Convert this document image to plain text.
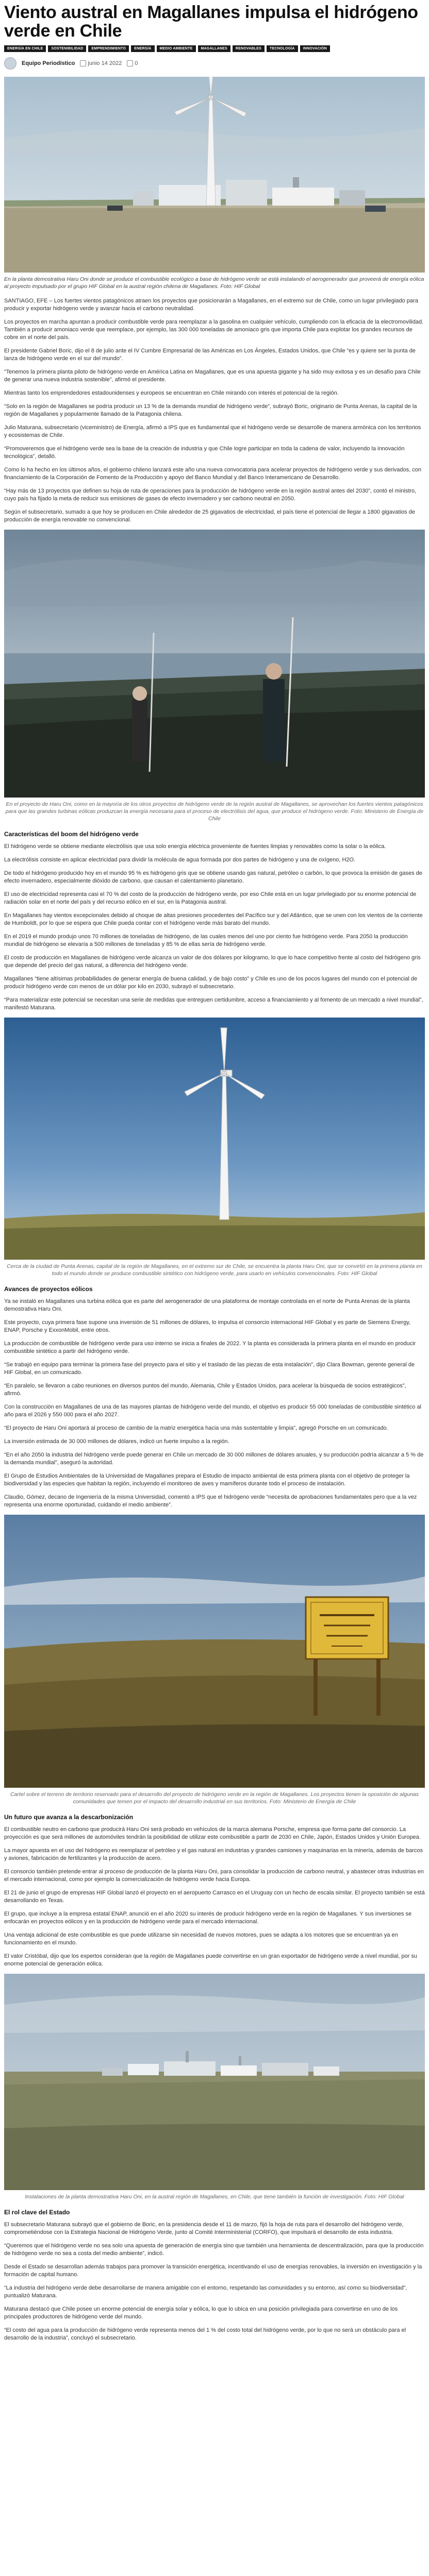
Viento austral en Magallanes impulsa el hidrógeno verde en Chile
ENERGÍA EN CHILE	SOSTENIBILIDAD	EMPRENDIMIENTO	ENERGÍA	MEDIO AMBIENTE	MAGALLANES	RENOVABLES	TECNOLOGÍA	INNOVACIÓN
Equipo Periodístico	junio 14 2022	0

En la planta demostrativa Haru Oni donde se produce el combustible ecológico a base de hidrógeno verde se está instalando el aerogenerador que proveerá de energía eólica al proyecto impulsado por el grupo HIF Global en la austral región chilena de Magallanes. Foto: HIF Global

SANTIAGO, EFE – Los fuertes vientos patagónicos atraen los proyectos que posicionarán a Magallanes, en el extremo sur de Chile, como un lugar privilegiado para producir y exportar hidrógeno verde y avanzar hacia el carbono neutralidad.

Los proyectos en marcha apuntan a producir combustible verde para reemplazar a la gasolina en cualquier vehículo, cumpliendo con la eficacia de la electromovilidad. También a producir amoniaco verde que reemplace, por ejemplo, las 300 000 toneladas de amoniaco gris que importa Chile para explotar los grandes recursos de cobre en el norte del país.

El presidente Gabriel Boric, dijo el 8 de julio ante el IV Cumbre Empresarial de las Américas en Los Ángeles, Estados Unidos, que Chile “es y quiere ser la punta de lanza de hidrógeno verde en el sur del mundo”.

“Tenemos la primera planta piloto de hidrógeno verde en América Latina en Magallanes, que es una apuesta gigante y ha sido muy exitosa y es un desafío para Chile de generar una nueva industria sostenible”, afirmó el presidente.

Mientras tanto los emprendedores estadounidenses y europeos se encuentran en Chile mirando con interés el potencial de la región.

“Solo en la región de Magallanes se podría producir un 13 % de la demanda mundial de hidrógeno verde”, subrayó Boric, originario de Punta Arenas, la capital de la región de Magallanes y popularmente llamado de la Patagonia chilena.

Julio Maturana, subsecretario (viceministro) de Energía, afirmó a IPS que es fundamental que el hidrógeno verde se desarrolle de manera armónica con los territorios y ecosistemas de Chile.

“Promoveremos que el hidrógeno verde sea la base de la creación de industria y que Chile logre participar en toda la cadena de valor, incluyendo la innovación tecnológica”, detalló.

Como lo ha hecho en los últimos años, el gobierno chileno lanzará este año una nueva convocatoria para acelerar proyectos de hidrógeno verde y sus derivados, con financiamiento de la Corporación de Fomento de la Producción y apoyo del Banco Mundial y del Banco Interamericano de Desarrollo.

“Hay más de 13 proyectos que definen su hoja de ruta de operaciones para la producción de hidrógeno verde en la región austral antes del 2030”, contó el ministro, cuyo país ha fijado la meta de reducir sus emisiones de gases de efecto invernadero y ser carbono neutral en 2050.

Según el subsecretario, sumado a que hoy se producen en Chile alrededor de 25 gigavatios de electricidad, el país tiene el potencial de llegar a 1800 gigavatios de producción de energía renovable no convencional.

En el proyecto de Haru Oni, como en la mayoría de los otros proyectos de hidrógeno verde de la región austral de Magallanes, se aprovechan los fuertes vientos patagónicos para que las grandes turbinas eólicas produzcan la energía necesaria para el proceso de electrólisis del agua, que produce el hidrógeno verde. Foto: Ministerio de Energía de Chile

Características del boom del hidrógeno verde

El hidrógeno verde se obtiene mediante electrólisis que usa solo energía eléctrica proveniente de fuentes limpias y renovables como la solar o la eólica.

La electrólisis consiste en aplicar electricidad para dividir la molécula de agua formada por dos partes de hidrógeno y una de oxígeno, H2O.

De todo el hidrógeno producido hoy en el mundo 95 % es hidrógeno gris que se obtiene usando gas natural, petróleo o carbón, lo que provoca la emisión de gases de efecto invernadero, especialmente dióxido de carbono, que causan el calentamiento planetario.

El uso de electricidad representa casi el 70 % del costo de la producción de hidrógeno verde, por eso Chile está en un lugar privilegiado por su enorme potencial de radiación solar en el norte del país y del recurso eólico en el sur, en la Patagonia austral.

En Magallanes hay vientos excepcionales debido al choque de altas presiones procedentes del Pacífico sur y del Atlántico, que se unen con los vientos de la corriente de Humboldt, por lo que se espera que Chile pueda contar con el hidrógeno verde más barato del mundo.

En el 2019 el mundo produjo unos 70 millones de toneladas de hidrógeno, de las cuales menos del uno por ciento fue hidrógeno verde. Para 2050 la producción mundial de hidrógeno se elevaría a 500 millones de toneladas y 85 % de ellas sería de hidrógeno verde.

El costo de producción en Magallanes de hidrógeno verde alcanza un valor de dos dólares por kilogramo, lo que lo hace competitivo frente al costo del hidrógeno gris que depende del precio del gas natural, a diferencia del hidrógeno verde.

Magallanes “tiene altísimas probabilidades de generar energía de buena calidad, y de bajo costo” y Chile es uno de los pocos lugares del mundo con el potencial de producir hidrógeno verde con menos de un dólar por kilo en 2030, subrayó el subsecretario.

“Para materializar este potencial se necesitan una serie de medidas que entreguen certidumbre, acceso a financiamiento y al fomento de un mercado a nivel mundial”, manifestó Maturana.

Cerca de la ciudad de Punta Arenas, capital de la región de Magallanes, en el extremo sur de Chile, se encuentra la planta Haru Oni, que se convirtió en la primera planta en todo el mundo donde se produce combustible sintético con hidrógeno verde, para usarlo en vehículos convencionales. Foto: HIF Global

Avances de proyectos eólicos

Ya se instaló en Magallanes una turbina eólica que es parte del aerogenerador de una plataforma de montaje controlada en el norte de Punta Arenas de la planta demostrativa Haru Oni.

Este proyecto, cuya primera fase supone una inversión de 51 millones de dólares, lo impulsa el consorcio internacional HIF Global y es parte de Siemens Energy, ENAP, Porsche y ExxonMobil, entre otros.

La producción de combustible de hidrógeno verde para uso interno se inicia a finales de 2022. Y la planta es considerada la primera planta en el mundo en producir combustible sintético a partir del hidrógeno verde.

“Se trabajó en equipo para terminar la primera fase del proyecto para el sitio y el traslado de las piezas de esta instalación”, dijo Clara Bowman, gerente general de HIF Global, en un comunicado.

“En paralelo, se llevaron a cabo reuniones en diversos puntos del mundo, Alemania, Chile y Estados Unidos, para acelerar la búsqueda de socios estratégicos”, afirmó.

Con la construcción en Magallanes de una de las mayores plantas de hidrógeno verde del mundo, el objetivo es producir 55 000 toneladas de combustible sintético al año para el 2026 y 550 000 para el año 2027.

“El proyecto de Haru Oni aportará al proceso de cambio de la matriz energética hacia una más sustentable y limpia”, agregó Porsche en un comunicado.

La inversión estimada de 30 000 millones de dólares, indicó un fuerte impulso a la región.

“En el año 2050 la industria del hidrógeno verde puede generar en Chile un mercado de 30 000 millones de dólares anuales, y su producción podría alcanzar a 5 % de la demanda mundial”, aseguró la autoridad.

El Grupo de Estudios Ambientales de la Universidad de Magallanes prepara el Estudio de impacto ambiental de esta primera planta con el objetivo de proteger la biodiversidad y las especies que habitan la región, incluyendo el monitoreo de aves y mamíferos durante todo el proceso de instalación.

Claudio, Gómez, decano de Ingeniería de la misma Universidad, comentó a IPS que el hidrógeno verde “necesita de aprobaciones fundamentales pero que a la vez representa una enorme oportunidad, cuidando el medio ambiente”.

Cartel sobre el terreno de territorio reservado para el desarrollo del proyecto de hidrógeno verde en la región de Magallanes. Los proyectos tienen la oposición de algunas comunidades que temen por el impacto del desarrollo industrial en sus territorios. Foto: Ministerio de Energía de Chile

Un futuro que avanza a la descarbonización

El combustible neutro en carbono que producirá Haru Oni será probado en vehículos de la marca alemana Porsche, empresa que forma parte del consorcio. La proyección es que será millones de automóviles tendrán la posibilidad de utilizar este combustible a partir de 2030 en Chile, Japón, Estados Unidos y Unión Europea.

La mayor apuesta en el uso del hidrógeno es reemplazar el petróleo y el gas natural en industrias y grandes camiones y maquinarias en la minería, además de barcos y aviones, fabricación de fertilizantes y la producción de acero.

El consorcio también pretende entrar al proceso de producción de la planta Haru Oni, para consolidar la producción de carbono neutral, y abastecer otras industrias en el mercado internacional, como por ejemplo la comercialización de hidrógeno verde hacia Europa.

El 21 de junio el grupo de empresas HIF Global lanzó el proyecto en el aeropuerto Carrasco en el Uruguay con un hecho de escala similar. El proyecto también se está desarrollando en Texas.

El grupo, que incluye a la empresa estatal ENAP, anunció en el año 2020 su interés de producir hidrógeno verde en la región de Magallanes. Y sus inversiones se enfocarán en proyectos eólicos y en la producción de hidrógeno verde para el mercado internacional.

Una ventaja adicional de este combustible es que puede utilizarse sin necesidad de nuevos motores, pues se adapta a los motores que se encuentran ya en funcionamiento en el mundo.

El valor Cristóbal, dijo que los expertos consideran que la región de Magallanes puede convertirse en un gran exportador de hidrógeno verde a nivel mundial, por su enorme potencial de generación eólica.

Instalaciones de la planta demostrativa Haru Oni, en la austral región de Magallanes, en Chile, que tiene también la función de investigación. Foto: HIF Global

El rol clave del Estado

El subsecretario Maturana subrayó que el gobierno de Boric, en la presidencia desde el 11 de marzo, fijó la hoja de ruta para el desarrollo del hidrógeno verde, comprometiéndose con la Estrategia Nacional de Hidrógeno Verde, junto al Comité Interministerial (CORFO), que impulsará el desarrollo de esta industria.

“Queremos que el hidrógeno verde no sea solo una apuesta de generación de energía sino que también una herramienta de descentralización, para que la producción de hidrógeno verde no sea a costa del medio ambiente”, indicó.

Desde el Estado se desarrollan además trabajos para promover la transición energética, incentivando el uso de energías renovables, la inversión en investigación y la formación de capital humano.

“La industria del hidrógeno verde debe desarrollarse de manera amigable con el entorno, respetando las comunidades y su entorno, así como su biodiversidad”, puntualizó Maturana.

Maturana destacó que Chile posee un enorme potencial de energía solar y eólica, lo que lo ubica en una posición privilegiada para convertirse en uno de los principales productores de hidrógeno verde del mundo.

“El costo del agua para la producción de hidrógeno verde representa menos del 1 % del costo total del hidrógeno verde, por lo que no será un obstáculo para el desarrollo de la industria”, concluyó el subsecretario.
